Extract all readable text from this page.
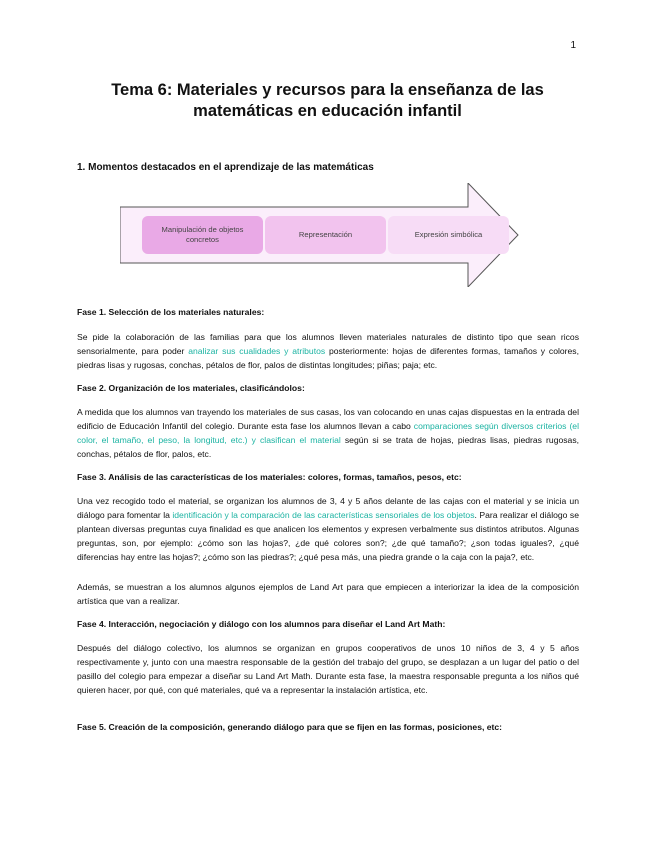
1
Tema 6: Materiales y recursos para la enseñanza de las
matemáticas en educación infantil
1. Momentos destacados en el aprendizaje de las matemáticas
Manipulación de objetos
concretos
Representación	Expresión simbólica
Fase 1. Selección de los materiales naturales:
Se pide la colaboración de las familias para que los alumnos lleven materiales naturales de distinto tipo que sean ricos sensorialmente, para poder analizar sus cualidades y atributos posteriormente: hojas de diferentes formas, tamaños y colores, piedras lisas y rugosas, conchas, pétalos de flor, palos de distintas longitudes; piñas; paja; etc.
Fase 2. Organización de los materiales, clasificándolos:
A medida que los alumnos van trayendo los materiales de sus casas, los van colocando en unas cajas dispuestas en la entrada del edificio de Educación Infantil del colegio. Durante esta fase los alumnos llevan a cabo comparaciones según diversos criterios (el color, el tamaño, el peso, la longitud, etc.) y clasifican el material según si se trata de hojas, piedras lisas, piedras rugosas, conchas, pétalos de flor, palos, etc.
Fase 3. Análisis de las características de los materiales: colores, formas, tamaños, pesos, etc:
Una vez recogido todo el material, se organizan los alumnos de 3, 4 y 5 años delante de las cajas con el material y se inicia un diálogo para fomentar la identificación y la comparación de las características sensoriales de los objetos. Para realizar el diálogo se plantean diversas preguntas cuya finalidad es que analicen los elementos y expresen verbalmente sus distintos atributos. Algunas preguntas, son, por ejemplo: ¿cómo son las hojas?, ¿de qué colores son?; ¿de qué tamaño?; ¿son todas iguales?, ¿qué diferencias hay entre las hojas?; ¿cómo son las piedras?; ¿qué pesa más, una piedra grande o la caja con la paja?, etc.
Además, se muestran a los alumnos algunos ejemplos de Land Art para que empiecen a interiorizar la idea de la composición artística que van a realizar.
Fase 4. Interacción, negociación y diálogo con los alumnos para diseñar el Land Art Math:
Después del diálogo colectivo, los alumnos se organizan en grupos cooperativos de unos 10 niños de 3, 4 y 5 años respectivamente y, junto con una maestra responsable de la gestión del trabajo del grupo, se desplazan a un lugar del patio o del pasillo del colegio para empezar a diseñar su Land Art Math. Durante esta fase, la maestra responsable pregunta a los niños qué quieren hacer, por qué, con qué materiales, qué va a representar la instalación artística, etc.
Fase 5. Creación de la composición, generando diálogo para que se fijen en las formas, posiciones, etc:
